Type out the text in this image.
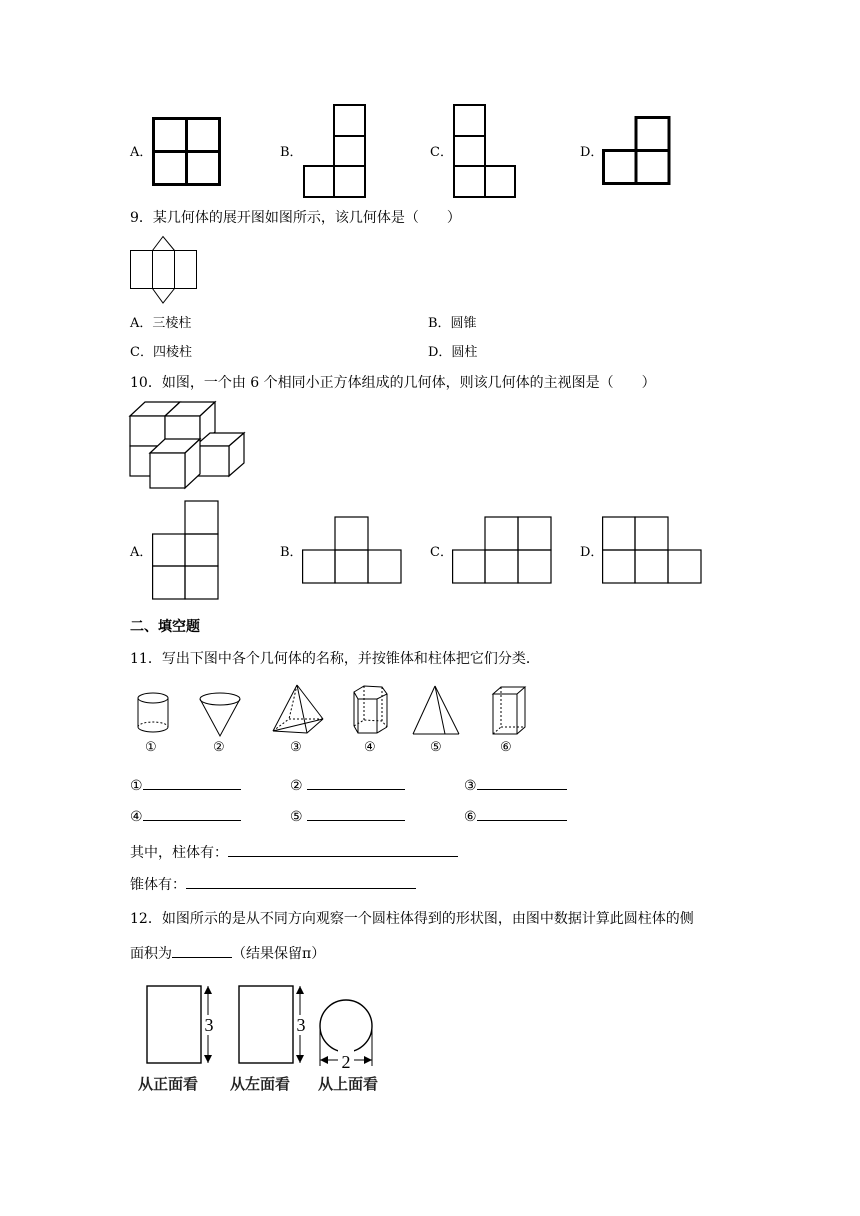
A．	B．	C．	D．
9．某几何体的展开图如图所示，该几何体是（　　）
A．三棱柱	B．圆锥
C．四棱柱	D．圆柱
10．如图，一个由 6 个相同小正方体组成的几何体，则该几何体的主视图是（　　）
A．	B．	C．	D．
二、填空题
11．写出下图中各个几何体的名称，并按锥体和柱体把它们分类．
①	②	③	④	⑤	⑥
①	②	③
④	⑤	⑥
其中，柱体有：
锥体有：
12．如图所示的是从不同方向观察一个圆柱体得到的形状图，由图中数据计算此圆柱体的侧
面积为	（结果保留π）
3	3
2
从正面看 从左面看 从上面看
